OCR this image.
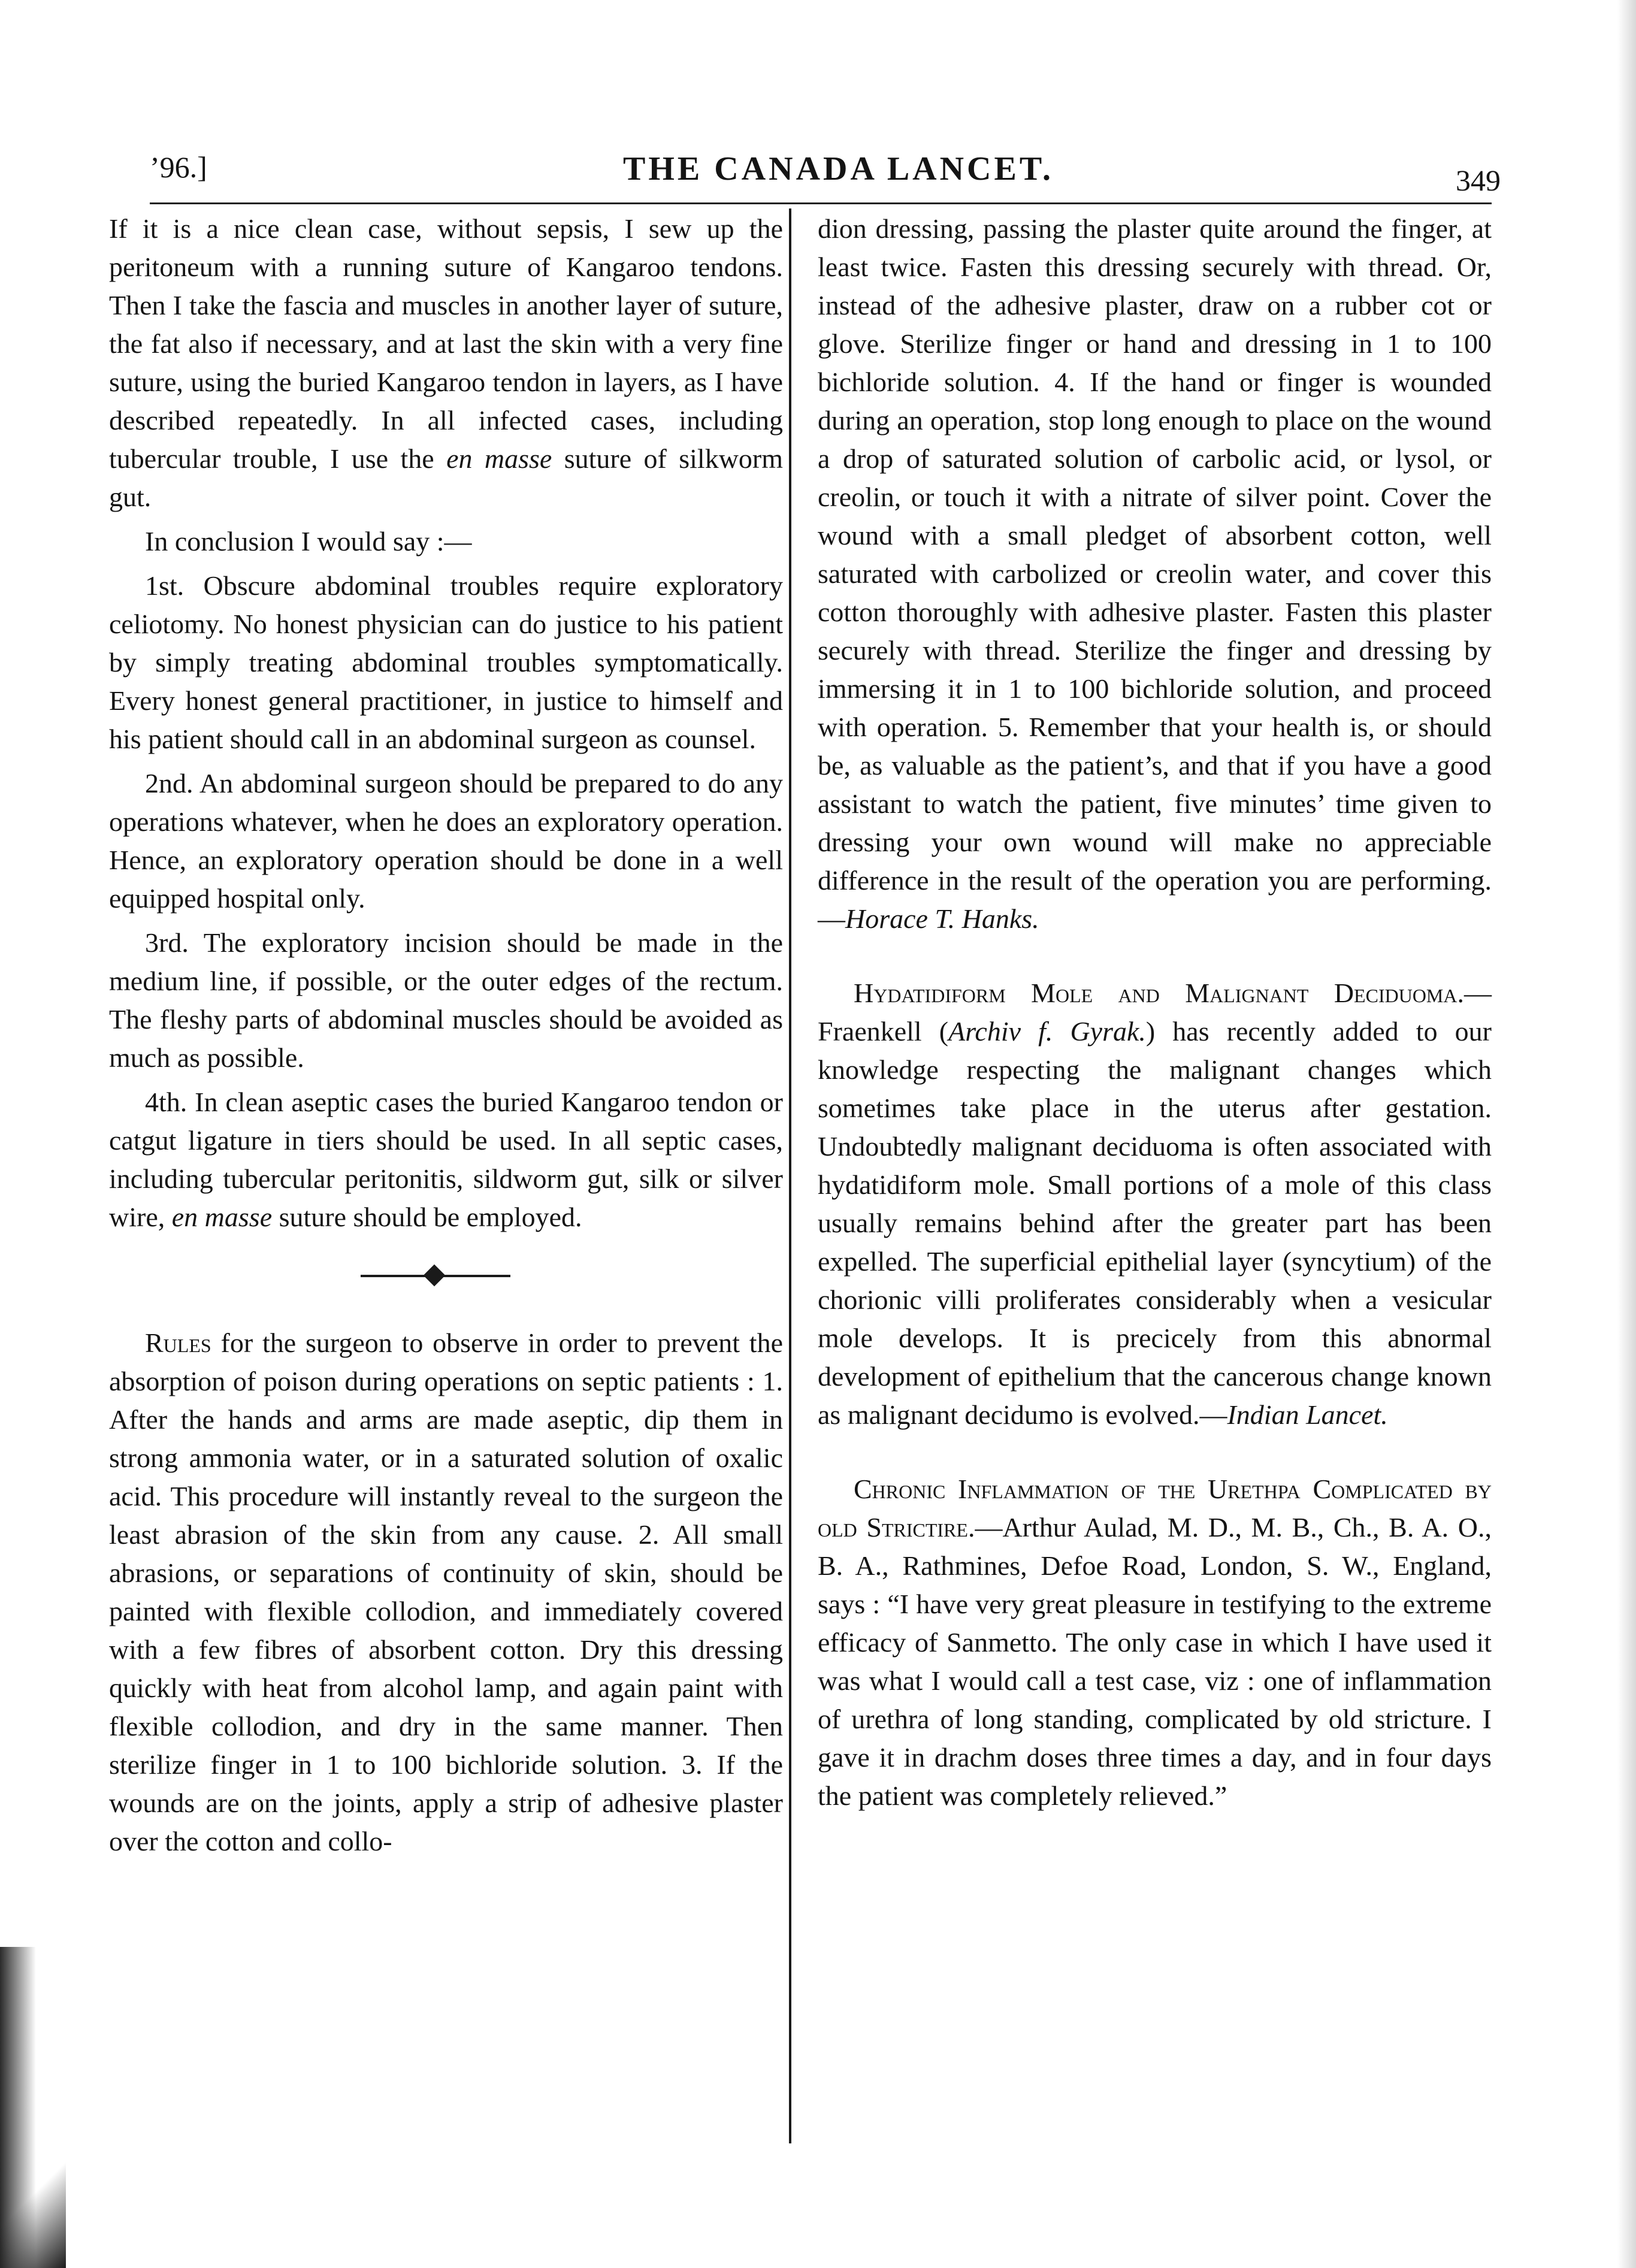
’96.]	THE CANADA LANCET.	349

If it is a nice clean case, without sepsis, I sew up the peritoneum with a running suture of Kangaroo tendons. Then I take the fascia and muscles in another layer of suture, the fat also if necessary, and at last the skin with a very fine suture, using the buried Kangaroo tendon in layers, as I have described repeatedly. In all infected cases, including tubercular trouble, I use the en masse suture of silkworm gut.

In conclusion I would say :—

1st. Obscure abdominal troubles require exploratory celiotomy. No honest physician can do justice to his patient by simply treating abdominal troubles symptomatically. Every honest general practitioner, in justice to himself and his patient should call in an abdominal surgeon as counsel.

2nd. An abdominal surgeon should be prepared to do any operations whatever, when he does an exploratory operation. Hence, an exploratory operation should be done in a well equipped hospital only.

3rd. The exploratory incision should be made in the medium line, if possible, or the outer edges of the rectum. The fleshy parts of abdominal muscles should be avoided as much as possible.

4th. In clean aseptic cases the buried Kangaroo tendon or catgut ligature in tiers should be used. In all septic cases, including tubercular peritonitis, sildworm gut, silk or silver wire, en masse suture should be employed.

Rules for the surgeon to observe in order to prevent the absorption of poison during operations on septic patients : 1. After the hands and arms are made aseptic, dip them in strong ammonia water, or in a saturated solution of oxalic acid. This procedure will instantly reveal to the surgeon the least abrasion of the skin from any cause. 2. All small abrasions, or separations of continuity of skin, should be painted with flexible collodion, and immediately covered with a few fibres of absorbent cotton. Dry this dressing quickly with heat from alcohol lamp, and again paint with flexible collodion, and dry in the same manner. Then sterilize finger in 1 to 100 bichloride solution. 3. If the wounds are on the joints, apply a strip of adhesive plaster over the cotton and collo-

dion dressing, passing the plaster quite around the finger, at least twice. Fasten this dressing securely with thread. Or, instead of the adhesive plaster, draw on a rubber cot or glove. Sterilize finger or hand and dressing in 1 to 100 bichloride solution. 4. If the hand or finger is wounded during an operation, stop long enough to place on the wound a drop of saturated solution of carbolic acid, or lysol, or creolin, or touch it with a nitrate of silver point. Cover the wound with a small pledget of absorbent cotton, well saturated with carbolized or creolin water, and cover this cotton thoroughly with adhesive plaster. Fasten this plaster securely with thread. Sterilize the finger and dressing by immersing it in 1 to 100 bichloride solution, and proceed with operation. 5. Remember that your health is, or should be, as valuable as the patient’s, and that if you have a good assistant to watch the patient, five minutes’ time given to dressing your own wound will make no appreciable difference in the result of the operation you are performing.—Horace T. Hanks.

Hydatidiform Mole and Malignant Deciduoma.—Fraenkell (Archiv f. Gyrak.) has recently added to our knowledge respecting the malignant changes which sometimes take place in the uterus after gestation. Undoubtedly malignant deciduoma is often associated with hydatidiform mole. Small portions of a mole of this class usually remains behind after the greater part has been expelled. The superficial epithelial layer (syncytium) of the chorionic villi proliferates considerably when a vesicular mole develops. It is precicely from this abnormal development of epithelium that the cancerous change known as malignant decidumo is evolved.—Indian Lancet.

Chronic Inflammation of the Urethpa Complicated by old Strictire.—Arthur Aulad, M. D., M. B., Ch., B. A. O., B. A., Rathmines, Defoe Road, London, S. W., England, says : “I have very great pleasure in testifying to the extreme efficacy of Sanmetto. The only case in which I have used it was what I would call a test case, viz : one of inflammation of urethra of long standing, complicated by old stricture. I gave it in drachm doses three times a day, and in four days the patient was completely relieved.”
